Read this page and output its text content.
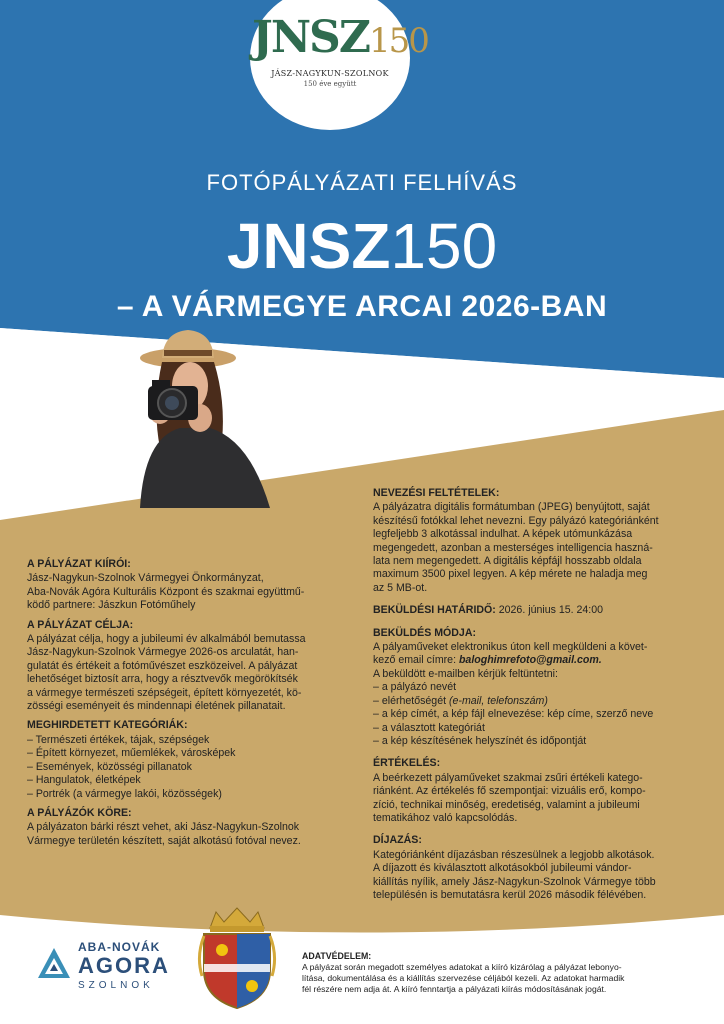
JNSZ150
JÁSZ-NAGYKUN-SZOLNOK
150 éve együtt
FOTÓPÁLYÁZATI FELHÍVÁS
JNSZ150
– A VÁRMEGYE ARCAI 2026-BAN
A PÁLYÁZAT KIÍRÓI:
Jász-Nagykun-Szolnok Vármegyei Önkormányzat,
Aba-Novák Agóra Kulturális Központ és szakmai együttmű-
ködő partnere: Jászkun Fotóműhely
A PÁLYÁZAT CÉLJA:
A pályázat célja, hogy a jubileumi év alkalmából bemutassa
Jász-Nagykun-Szolnok Vármegye 2026-os arculatát, han-
gulatát és értékeit a fotóművészet eszközeivel. A pályázat
lehetőséget biztosít arra, hogy a résztvevők megörökítsék
a vármegye természeti szépségeit, épített környezetét, kö-
zösségi eseményeit és mindennapi életének pillanatait.
MEGHIRDETETT KATEGÓRIÁK:
– Természeti értékek, tájak, szépségek
– Épített környezet, műemlékek, városképek
– Események, közösségi pillanatok
– Hangulatok, életképek
– Portrék (a vármegye lakói, közösségek)
A PÁLYÁZÓK KÖRE:
A pályázaton bárki részt vehet, aki Jász-Nagykun-Szolnok
Vármegye területén készített, saját alkotású fotóval nevez.
NEVEZÉSI FELTÉTELEK:
A pályázatra digitális formátumban (JPEG) benyújtott, saját
készítésű fotókkal lehet nevezni. Egy pályázó kategóriánként
legfeljebb 3 alkotással indulhat. A képek utómunkázása
megengedett, azonban a mesterséges intelligencia haszná-
lata nem megengedett. A digitális képfájl hosszabb oldala
maximum 3500 pixel legyen. A kép mérete ne haladja meg
az 5 MB-ot.
BEKÜLDÉSI HATÁRIDŐ: 2026. június 15. 24:00
BEKÜLDÉS MÓDJA:
A pályaműveket elektronikus úton kell megküldeni a követ-
kező email címre: baloghimrefoto@gmail.com.
A beküldött e-mailben kérjük feltüntetni:
– a pályázó nevét
– elérhetőségét (e-mail, telefonszám)
– a kép címét, a kép fájl elnevezése: kép címe, szerző neve
– a választott kategóriát
– a kép készítésének helyszínét és időpontját
ÉRTÉKELÉS:
A beérkezett pályaműveket szakmai zsűri értékeli katego-
riánként. Az értékelés fő szempontjai: vizuális erő, kompo-
zíció, technikai minőség, eredetiség, valamint a jubileumi
tematikához való kapcsolódás.
DÍJAZÁS:
Kategóriánként díjazásban részesülnek a legjobb alkotások.
A díjazott és kiválasztott alkotásokból jubileumi vándor-
kiállítás nyílik, amely Jász-Nagykun-Szolnok Vármegye több
településén is bemutatásra kerül 2026 második félévében.
ABA-NOVÁK
AGORA
SZOLNOK
ADATVÉDELEM:
A pályázat során megadott személyes adatokat a kiíró kizárólag a pályázat lebonyo-
lítása, dokumentálása és a kiállítás szervezése céljából kezeli. Az adatokat harmadik
fél részére nem adja át. A kiíró fenntartja a pályázati kiírás módosításának jogát.
